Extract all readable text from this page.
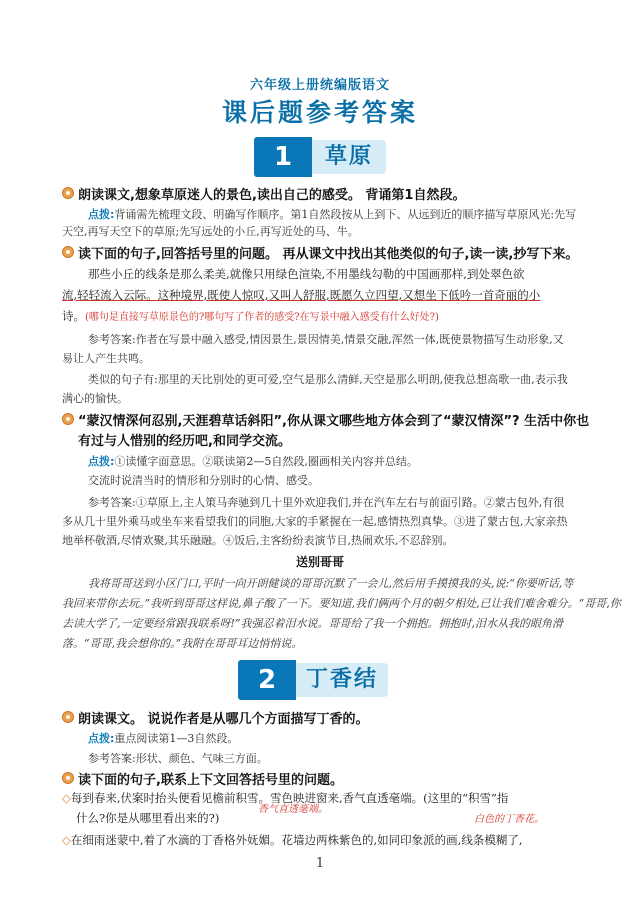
六年级上册统编版语文
课后题参考答案
1	草原
朗读课文,想象草原迷人的景色,读出自己的感受。 背诵第1自然段。
点拨:背诵需先梳理文段、明确写作顺序。第1自然段按从上到下、从远到近的顺序描写草原风光:先写
天空,再写天空下的草原;先写远处的小丘,再写近处的马、牛。
读下面的句子,回答括号里的问题。 再从课文中找出其他类似的句子,读一读,抄写下来。
那些小丘的线条是那么柔美,就像只用绿色渲染,不用墨线勾勒的中国画那样,到处翠色欲
流,轻轻流入云际。这种境界,既使人惊叹,又叫人舒服,既愿久立四望,又想坐下低吟一首奇丽的小
诗。(哪句是直接写草原景色的?哪句写了作者的感受?在写景中融入感受有什么好处?)
参考答案:作者在写景中融入感受,情因景生,景因情美,情景交融,浑然一体,既使景物描写生动形象,又
易让人产生共鸣。
类似的句子有:那里的天比别处的更可爱,空气是那么清鲜,天空是那么明朗,使我总想高歌一曲,表示我
满心的愉快。
“蒙汉情深何忍别,天涯碧草话斜阳”,你从课文哪些地方体会到了“蒙汉情深”? 生活中你也
有过与人惜别的经历吧,和同学交流。
点拨:①读懂字面意思。②联读第2—5自然段,圈画相关内容并总结。
交流时说清当时的情形和分别时的心情、感受。
参考答案:①草原上,主人策马奔驰到几十里外欢迎我们,并在汽车左右与前面引路。②蒙古包外,有很
多从几十里外乘马或坐车来看望我们的同胞,大家的手紧握在一起,感情热烈真挚。③进了蒙古包,大家亲热
地举杯敬酒,尽情欢聚,其乐融融。④饭后,主客纷纷表演节目,热闹欢乐,不忍辞别。
送别哥哥
我将哥哥送到小区门口,平时一向开朗健谈的哥哥沉默了一会儿,然后用手摸摸我的头,说:“你要听话,等
我回来带你去玩。”我听到哥哥这样说,鼻子酸了一下。要知道,我们俩两个月的朝夕相处,已让我们难舍难分。“哥哥,你
去读大学了,一定要经常跟我联系呀!”我强忍着泪水说。哥哥给了我一个拥抱。拥抱时,泪水从我的眼角滑
落。“哥哥,我会想你的。”我附在哥哥耳边悄悄说。
2	丁香结
朗读课文。 说说作者是从哪几个方面描写丁香的。
点拨:重点阅读第1—3自然段。
参考答案:形状、颜色、气味三方面。
读下面的句子,联系上下文回答括号里的问题。
◇每到春来,伏案时抬头便看见檐前积雪。雪色映进窗来,香气直透毫端。(这里的“积雪”指
什么?你是从哪里看出来的?)
香气直透毫端。
白色的丁香花。
◇在细雨迷蒙中,着了水滴的丁香格外妩媚。花墙边两株紫色的,如同印象派的画,线条模糊了,
1
